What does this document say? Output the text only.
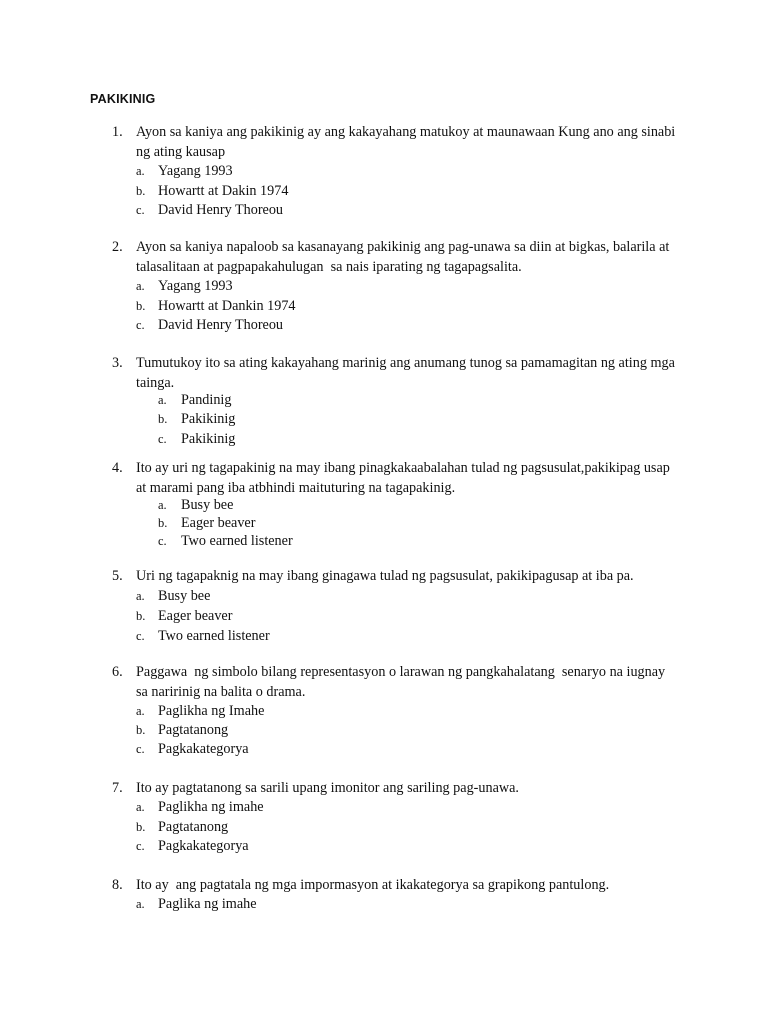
PAKIKINIG
1. Ayon sa kaniya ang pakikinig ay ang kakayahang matukoy at maunawaan Kung ano ang sinabi ng ating kausap
a. Yagang 1993
b. Howartt at Dakin 1974
c. David Henry Thoreou
2. Ayon sa kaniya napaloob sa kasanayang pakikinig ang pag-unawa sa diin at bigkas, balarila at talasalitaan at pagpapakahulugan  sa nais iparating ng tagapagsalita.
a. Yagang 1993
b. Howartt at Dankin 1974
c. David Henry Thoreou
3. Tumutukoy ito sa ating kakayahang marinig ang anumang tunog sa pamamagitan ng ating mga tainga.
a. Pandinig
b. Pakikinig
c. Pakikinig
4. Ito ay uri ng tagapakinig na may ibang pinagkakaabalahan tulad ng pagsusulat,pakikipag usap at marami pang iba atbhindi maituturing na tagapakinig.
a. Busy bee
b. Eager beaver
c. Two earned listener
5. Uri ng tagapaknig na may ibang ginagawa tulad ng pagsusulat, pakikipagusap at iba pa.
a. Busy bee
b. Eager beaver
c. Two earned listener
6. Paggawa  ng simbolo bilang representasyon o larawan ng pangkahalatang  senaryo na iugnay sa naririnig na balita o drama.
a. Paglikha ng Imahe
b. Pagtatanong
c. Pagkakategorya
7. Ito ay pagtatanong sa sarili upang imonitor ang sariling pag-unawa.
a. Paglikha ng imahe
b. Pagtatanong
c. Pagkakategorya
8. Ito ay  ang pagtatala ng mga impormasyon at ikakategorya sa grapikong pantulong.
a. Paglika ng imahe
